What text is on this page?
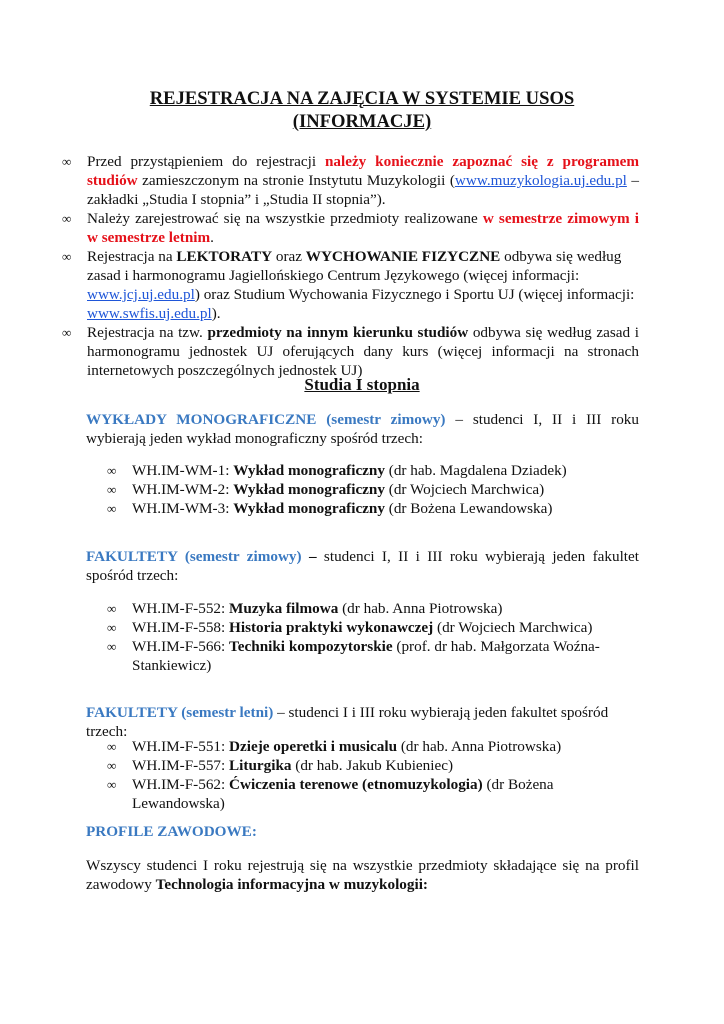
REJESTRACJA NA ZAJĘCIA W SYSTEMIE USOS
(INFORMACJE)
∞ Przed przystąpieniem do rejestracji należy koniecznie zapoznać się z programem studiów zamieszczonym na stronie Instytutu Muzykologii (www.muzykologia.uj.edu.pl – zakładki „Studia I stopnia” i „Studia II stopnia”).
∞ Należy zarejestrować się na wszystkie przedmioty realizowane w semestrze zimowym i w semestrze letnim.
∞ Rejestracja na LEKTORATY oraz WYCHOWANIE FIZYCZNE odbywa się według zasad i harmonogramu Jagiellońskiego Centrum Językowego (więcej informacji: www.jcj.uj.edu.pl) oraz Studium Wychowania Fizycznego i Sportu UJ (więcej informacji: www.swfis.uj.edu.pl).
∞ Rejestracja na tzw. przedmioty na innym kierunku studiów odbywa się według zasad i harmonogramu jednostek UJ oferujących dany kurs (więcej informacji na stronach internetowych poszczególnych jednostek UJ)
Studia I stopnia
WYKŁADY MONOGRAFICZNE (semestr zimowy) – studenci I, II i III roku wybierają jeden wykład monograficzny spośród trzech:
∞ WH.IM-WM-1: Wykład monograficzny (dr hab. Magdalena Dziadek)
∞ WH.IM-WM-2: Wykład monograficzny (dr Wojciech Marchwica)
∞ WH.IM-WM-3: Wykład monograficzny (dr Bożena Lewandowska)
FAKULTETY (semestr zimowy) – studenci I, II i III roku wybierają jeden fakultet spośród trzech:
∞ WH.IM-F-552: Muzyka filmowa (dr hab. Anna Piotrowska)
∞ WH.IM-F-558: Historia praktyki wykonawczej (dr Wojciech Marchwica)
∞ WH.IM-F-566: Techniki kompozytorskie (prof. dr hab. Małgorzata Woźna-Stankiewicz)
FAKULTETY (semestr letni) – studenci I i III roku wybierają jeden fakultet spośród trzech:
∞ WH.IM-F-551: Dzieje operetki i musicalu (dr hab. Anna Piotrowska)
∞ WH.IM-F-557: Liturgika (dr hab. Jakub Kubieniec)
∞ WH.IM-F-562: Ćwiczenia terenowe (etnomuzykologia) (dr Bożena Lewandowska)
PROFILE ZAWODOWE:
Wszyscy studenci I roku rejestrują się na wszystkie przedmioty składające się na profil zawodowy Technologia informacyjna w muzykologii:
